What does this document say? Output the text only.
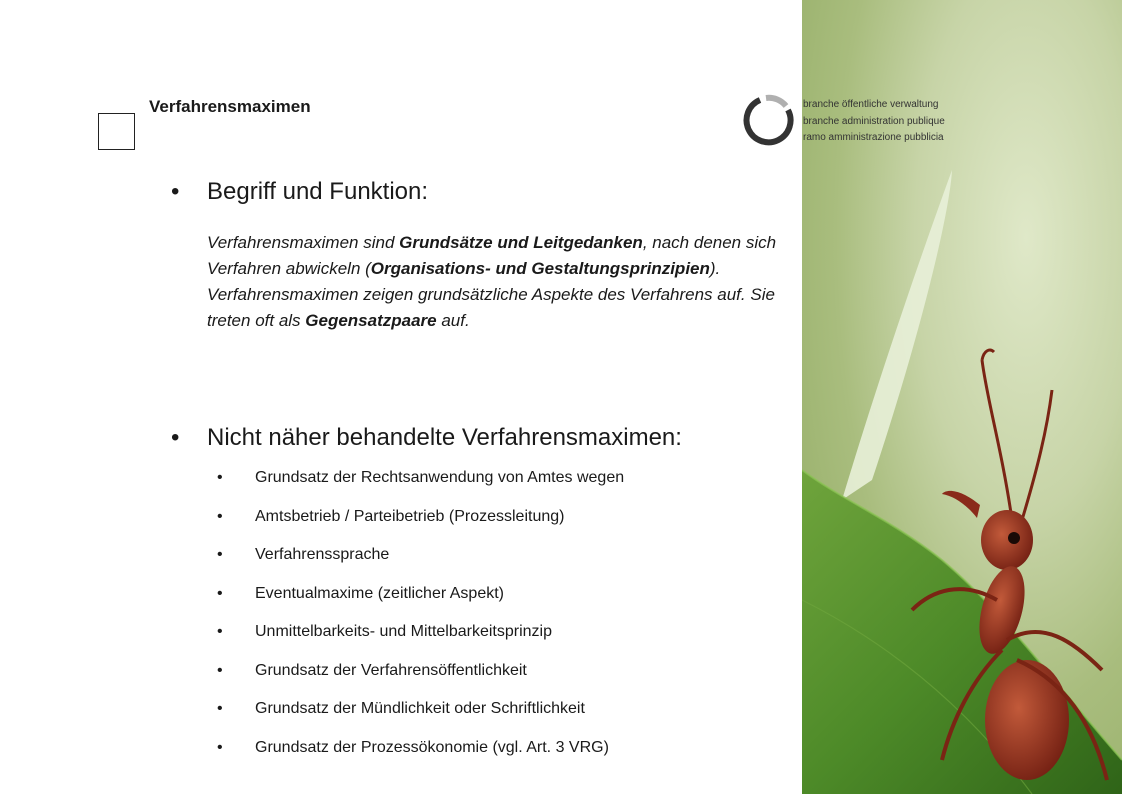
branche öffentliche verwaltung
branche administration publique
ramo amministrazione pubblicia
Verfahrensmaximen
• Begriff und Funktion:
Verfahrensmaximen sind Grundsätze und Leitgedanken, nach denen sich Verfahren abwickeln (Organisations- und Gestaltungsprinzipien). Verfahrensmaximen zeigen grundsätzliche Aspekte des Verfahrens auf. Sie treten oft als Gegensatzpaare auf.
• Nicht näher behandelte Verfahrensmaximen:
• Grundsatz der Rechtsanwendung von Amtes wegen
• Amtsbetrieb / Parteibetrieb (Prozessleitung)
• Verfahrenssprache
• Eventualmaxime (zeitlicher Aspekt)
• Unmittelbarkeits- und Mittelbarkeitsprinzip
• Grundsatz der Verfahrensöffentlichkeit
• Grundsatz der Mündlichkeit oder Schriftlichkeit
• Grundsatz der Prozessökonomie (vgl. Art. 3 VRG)
